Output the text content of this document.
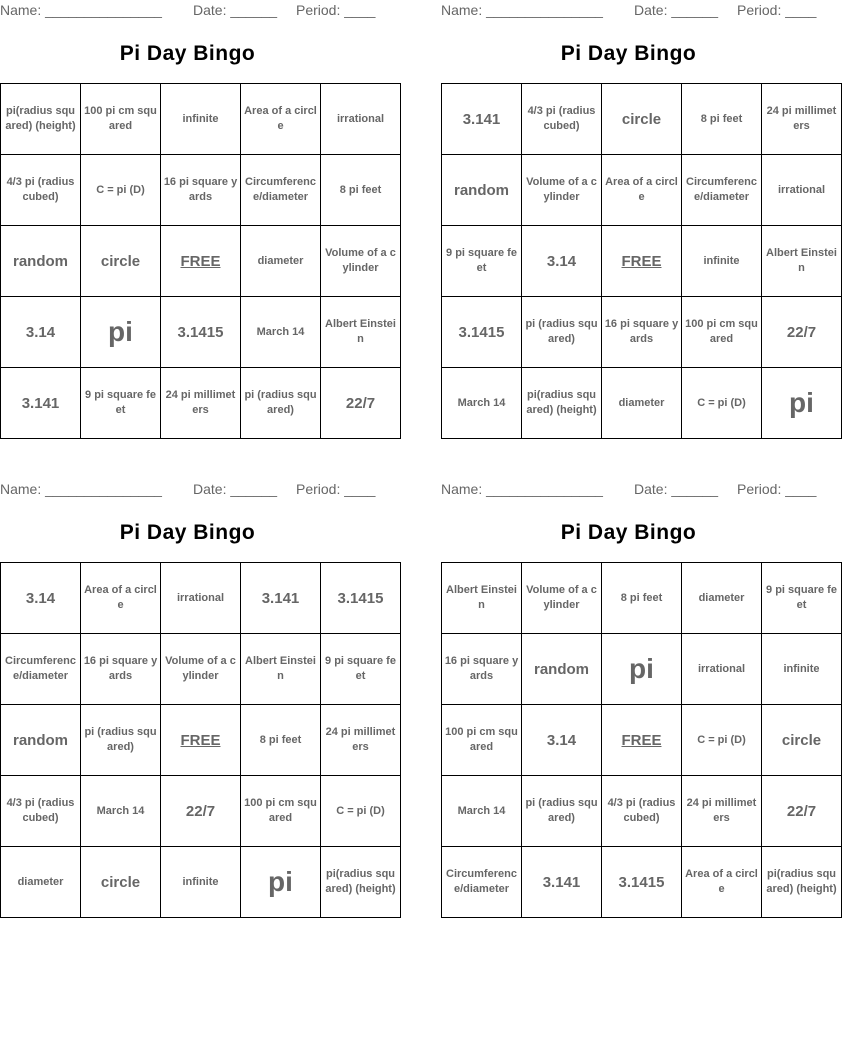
Name: _______________ Date: ______ Period: ____
Pi Day Bingo
pi(radius squared) (height)	100 pi cm squared	infinite	Area of a circle	irrational
4/3 pi (radius cubed)	C = pi (D)	16 pi square yards	Circumference/diameter	8 pi feet
random	circle	FREE	diameter	Volume of a cylinder
3.14	pi	3.1415	March 14	Albert Einstein
3.141	9 pi square feet	24 pi millimeters	pi (radius squared)	22/7
Name: _______________ Date: ______ Period: ____
Pi Day Bingo
3.141	4/3 pi (radius cubed)	circle	8 pi feet	24 pi millimeters
random	Volume of a cylinder	Area of a circle	Circumference/diameter	irrational
9 pi square feet	3.14	FREE	infinite	Albert Einstein
3.1415	pi (radius squared)	16 pi square yards	100 pi cm squared	22/7
March 14	pi(radius squared) (height)	diameter	C = pi (D)	pi
Name: _______________ Date: ______ Period: ____
Pi Day Bingo
3.14	Area of a circle	irrational	3.141	3.1415
Circumference/diameter	16 pi square yards	Volume of a cylinder	Albert Einstein	9 pi square feet
random	pi (radius squared)	FREE	8 pi feet	24 pi millimeters
4/3 pi (radius cubed)	March 14	22/7	100 pi cm squared	C = pi (D)
diameter	circle	infinite	pi	pi(radius squared) (height)
Name: _______________ Date: ______ Period: ____
Pi Day Bingo
Albert Einstein	Volume of a cylinder	8 pi feet	diameter	9 pi square feet
16 pi square yards	random	pi	irrational	infinite
100 pi cm squared	3.14	FREE	C = pi (D)	circle
March 14	pi (radius squared)	4/3 pi (radius cubed)	24 pi millimeters	22/7
Circumference/diameter	3.141	3.1415	Area of a circle	pi(radius squared) (height)
